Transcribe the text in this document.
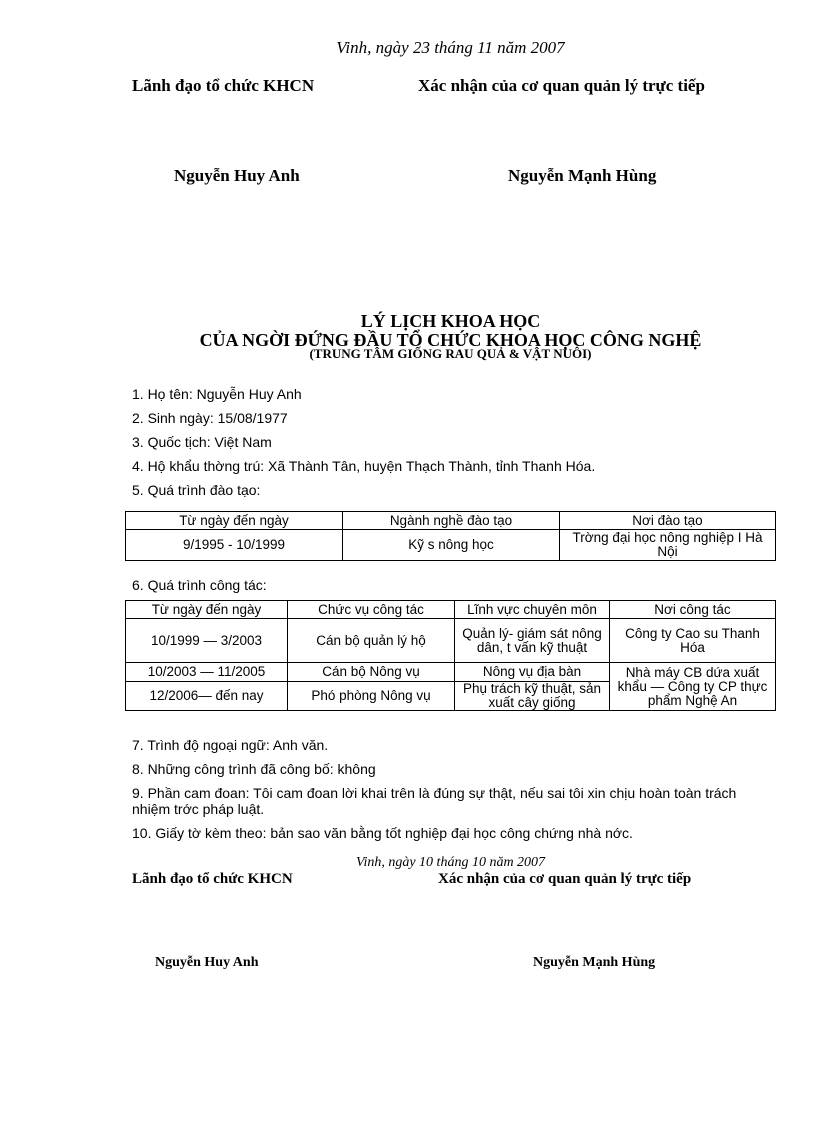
Vinh, ngày 23 tháng 11 năm 2007
Lãnh đạo tổ chức KHCN	Xác nhận của cơ quan quản lý trực tiếp
Nguyễn Huy Anh	Nguyễn Mạnh Hùng
LÝ LỊCH KHOA HỌC
CỦA NGỜI ĐỨNG ĐẦU TỔ CHỨC KHOA HỌC CÔNG NGHỆ
(TRUNG TÂM GIỐNG RAU QUẢ & VẬT NUÔI)
1. Họ tên: Nguyễn Huy Anh
2. Sinh ngày: 15/08/1977
3. Quốc tịch: Việt Nam
4. Hộ khẩu thờng trú: Xã Thành Tân, huyện Thạch Thành, tỉnh Thanh Hóa.
5. Quá trình đào tạo:
Từ ngày đến ngày	Ngành nghề đào tạo	Nơi đào tạo
9/1995 - 10/1999	Kỹ s nông học	Trờng đại học nông nghiệp I Hà Nội
6. Quá trình công tác:
Từ ngày đến ngày	Chức vụ công tác	Lĩnh vực chuyên môn	Nơi công tác
10/1999 — 3/2003	Cán bộ quản lý hộ	Quản lý- giám sát nông dân, t vấn kỹ thuật	Công ty Cao su Thanh Hóa
10/2003 — 11/2005	Cán bộ Nông vụ	Nông vụ địa bàn	Nhà máy CB dứa xuất khẩu — Công ty CP thực phẩm Nghệ An
12/2006— đến nay	Phó phòng Nông vụ	Phụ trách kỹ thuật, sản xuất cây giống	
7. Trình độ ngoại ngữ: Anh văn.
8. Những công trình đã công bố: không
9. Phần cam đoan: Tôi cam đoan lời khai trên là đúng sự thật, nếu sai tôi xin chịu hoàn toàn trách
nhiệm trớc pháp luật.
10. Giấy tờ kèm theo: bản sao văn bằng tốt nghiệp đại học công chứng nhà nớc.
Vinh, ngày 10 tháng 10 năm 2007
Lãnh đạo tổ chức KHCN	Xác nhận của cơ quan quản lý trực tiếp
Nguyễn Huy Anh	Nguyễn Mạnh Hùng
